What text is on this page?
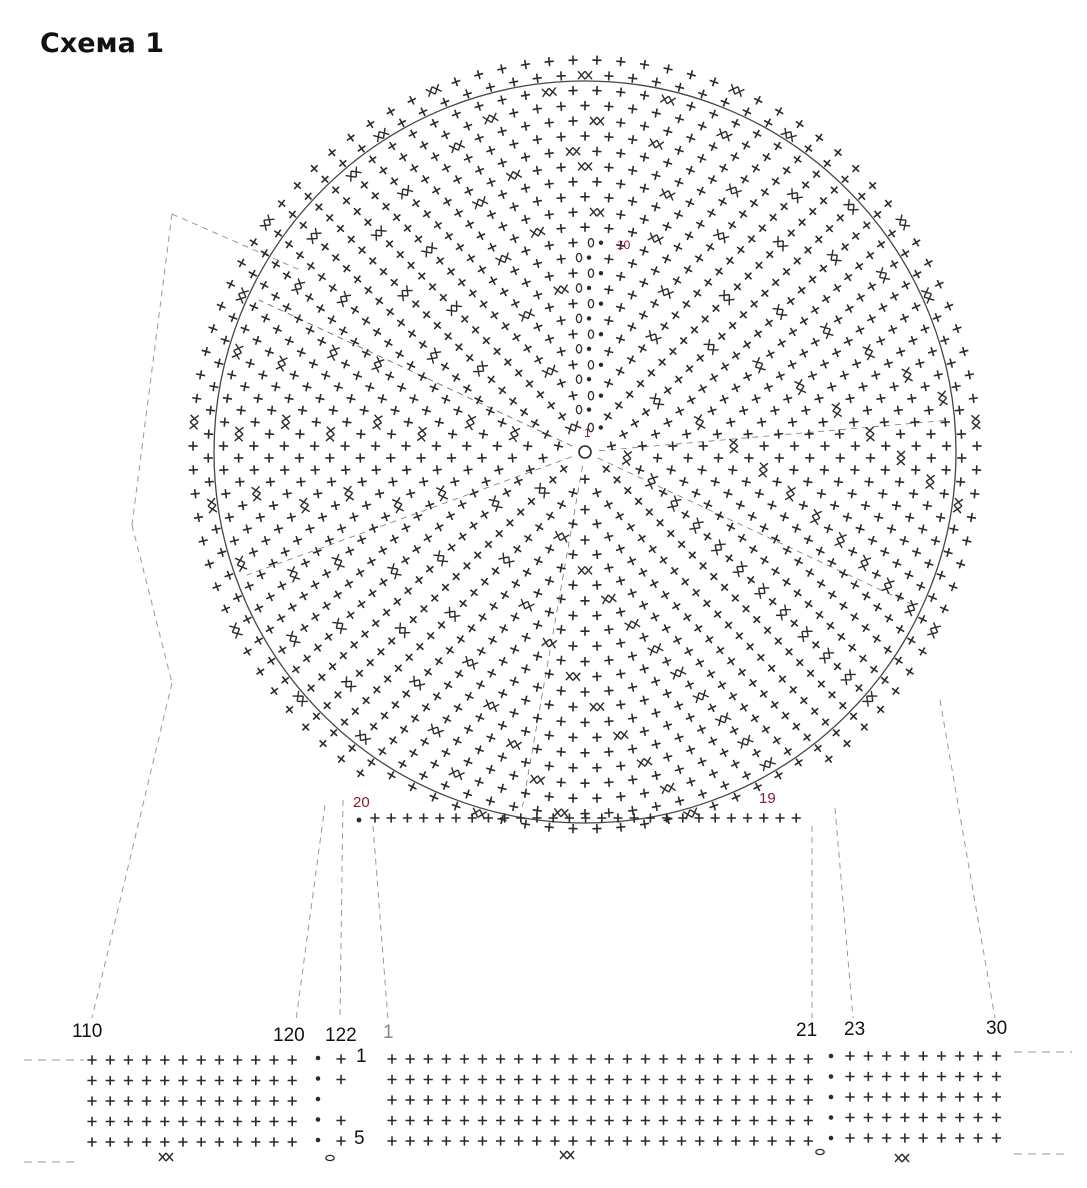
Схема 1
1
10
19
20
110	120 122 1	21 23	30
1
5
